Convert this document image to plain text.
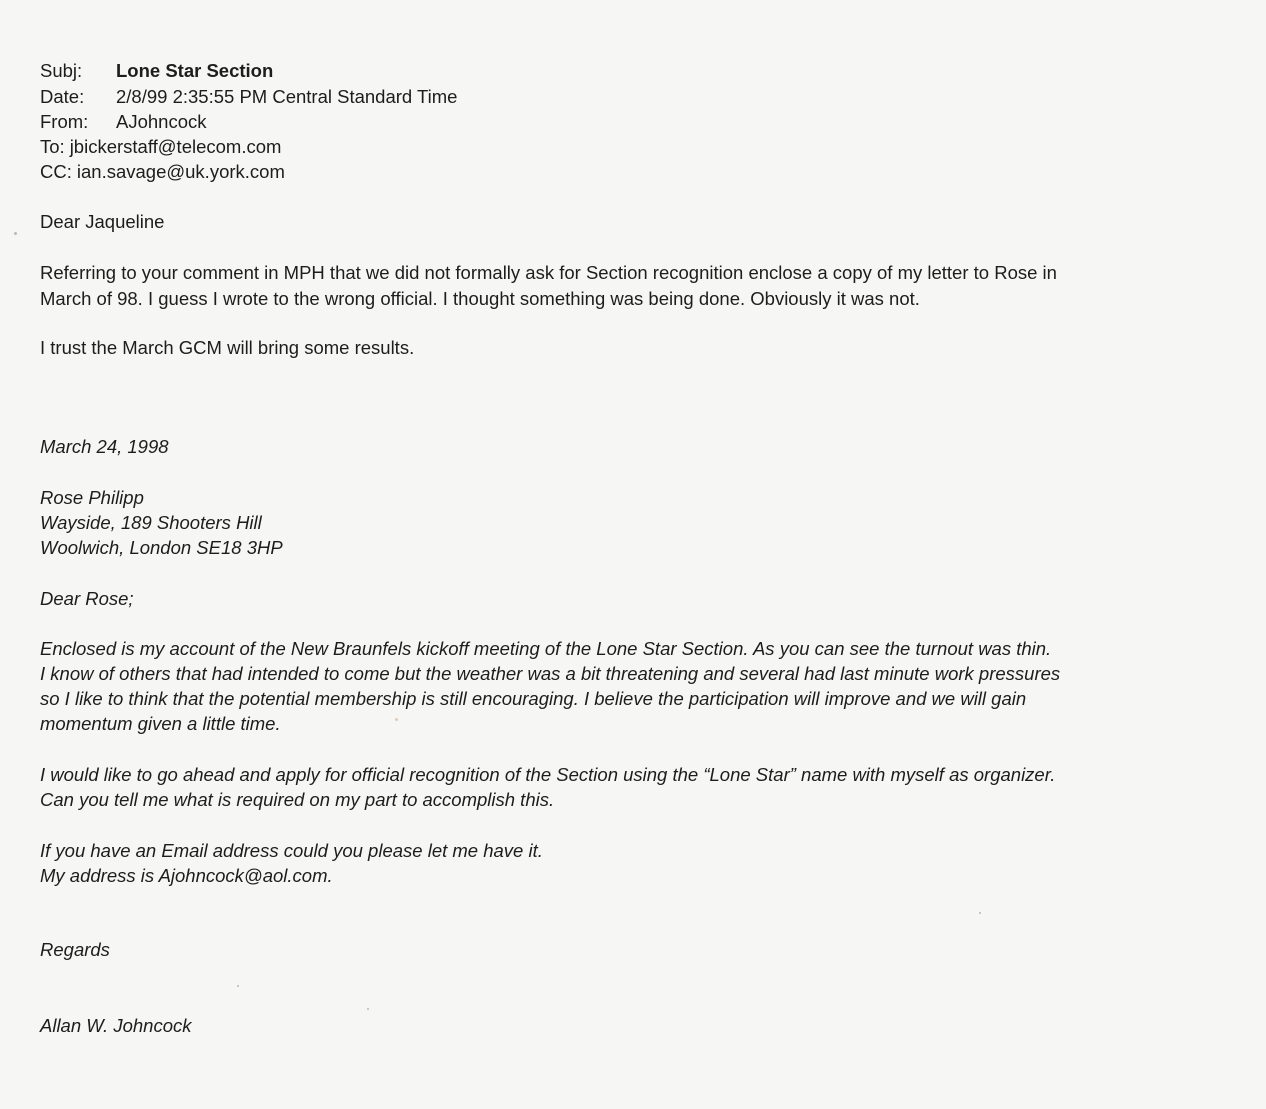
Subj: Lone Star Section
Date: 2/8/99 2:35:55 PM Central Standard Time
From: AJohncock
To: jbickerstaff@telecom.com
CC: ian.savage@uk.york.com
Dear Jaqueline
Referring to your comment in MPH that we did not formally ask for Section recognition enclose a copy of my letter to Rose in
March of 98. I guess I wrote to the wrong official. I thought something was being done. Obviously it was not.
I trust the March GCM will bring some results.
March 24, 1998
Rose Philipp
Wayside, 189 Shooters Hill
Woolwich, London SE18 3HP
Dear Rose;
Enclosed is my account of the New Braunfels kickoff meeting of the Lone Star Section. As you can see the turnout was thin.
I know of others that had intended to come but the weather was a bit threatening and several had last minute work pressures
so I like to think that the potential membership is still encouraging. I believe the participation will improve and we will gain
momentum given a little time.
I would like to go ahead and apply for official recognition of the Section using the “Lone Star” name with myself as organizer.
Can you tell me what is required on my part to accomplish this.
If you have an Email address could you please let me have it.
My address is Ajohncock@aol.com.
Regards
Allan W. Johncock
